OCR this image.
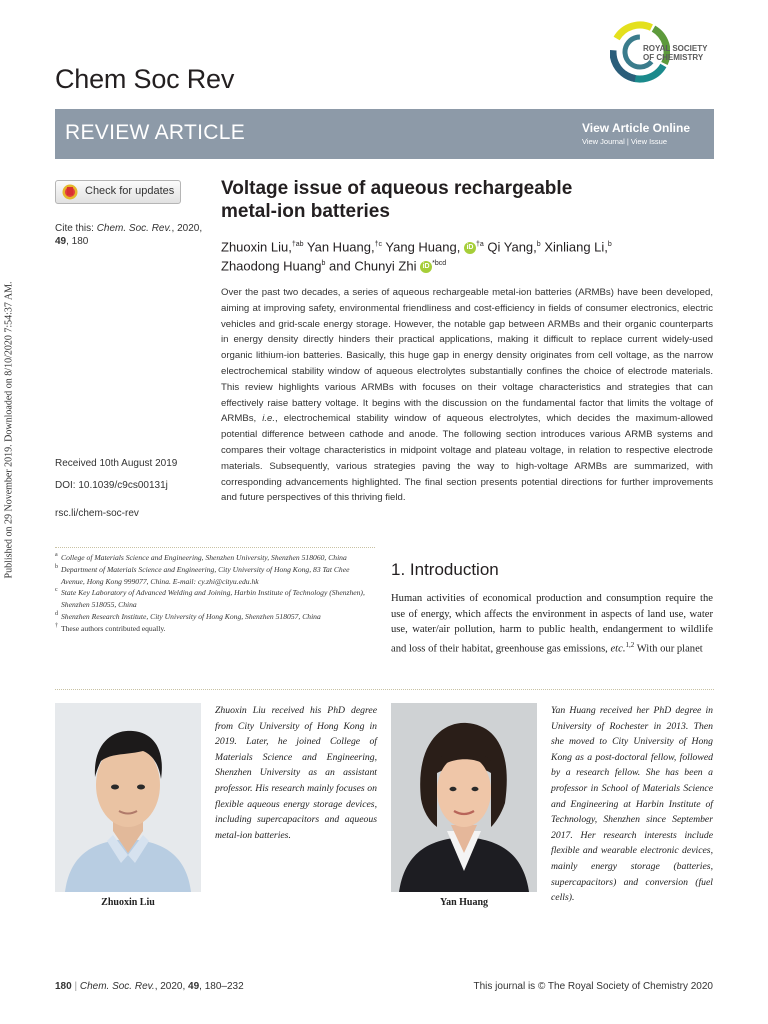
Published on 29 November 2019. Downloaded on 8/10/2020 7:54:37 AM.
Chem Soc Rev
ROYAL SOCIETY
OF CHEMISTRY
REVIEW ARTICLE	View Article Online
View Journal | View Issue
Check for updates
Cite this: Chem. Soc. Rev., 2020,
49, 180
Received 10th August 2019
DOI: 10.1039/c9cs00131j
rsc.li/chem-soc-rev
Voltage issue of aqueous rechargeable
metal-ion batteries
Zhuoxin Liu,$^{\dagger ab}$ Yan Huang,$^{\dagger c}$ Yang Huang, iD $^{\dagger a}$ Qi Yang,$^b$ Xinliang Li,$^b$
Zhaodong Huang$^b$ and Chunyi Zhi iD $^{*bcd}$
Over the past two decades, a series of aqueous rechargeable metal-ion batteries (ARMBs) have been developed, aiming at improving safety, environmental friendliness and cost-efficiency in fields of consumer electronics, electric vehicles and grid-scale energy storage. However, the notable gap between ARMBs and their organic counterparts in energy density directly hinders their practical applications, making it difficult to replace current widely-used organic lithium-ion batteries. Basically, this huge gap in energy density originates from cell voltage, as the narrow electrochemical stability window of aqueous electrolytes substantially confines the choice of electrode materials. This review highlights various ARMBs with focuses on their voltage characteristics and strategies that can effectively raise battery voltage. It begins with the discussion on the fundamental factor that limits the voltage of ARMBs, i.e., electrochemical stability window of aqueous electrolytes, which decides the maximum-allowed potential difference between cathode and anode. The following section introduces various ARMB systems and compares their voltage characteristics in midpoint voltage and plateau voltage, in relation to respective electrode materials. Subsequently, various strategies paving the way to high-voltage ARMBs are summarized, with corresponding advancements highlighted. The final section presents potential directions for further improvements and future perspectives of this thriving field.
a College of Materials Science and Engineering, Shenzhen University, Shenzhen 518060, China
b Department of Materials Science and Engineering, City University of Hong Kong, 83 Tat Chee Avenue, Hong Kong 999077, China. E-mail: cy.zhi@cityu.edu.hk
c State Key Laboratory of Advanced Welding and Joining, Harbin Institute of Technology (Shenzhen), Shenzhen 518055, China
d Shenzhen Research Institute, City University of Hong Kong, Shenzhen 518057, China
† These authors contributed equally.
1. Introduction
Human activities of economical production and consumption require the use of energy, which affects the environment in aspects of land use, water use, water/air pollution, harm to public health, endangerment to wildlife and loss of their habitat, greenhouse gas emissions, etc.$^{1,2}$ With our planet
Zhuoxin Liu
Zhuoxin Liu received his PhD degree from City University of Hong Kong in 2019. Later, he joined College of Materials Science and Engineering, Shenzhen University as an assistant professor. His research mainly focuses on flexible aqueous energy storage devices, including supercapacitors and aqueous metal-ion batteries.
Yan Huang
Yan Huang received her PhD degree in University of Rochester in 2013. Then she moved to City University of Hong Kong as a post-doctoral fellow, followed by a research fellow. She has been a professor in School of Materials Science and Engineering at Harbin Institute of Technology, Shenzhen since September 2017. Her research interests include flexible and wearable electronic devices, mainly energy storage (batteries, supercapacitors) and conversion (fuel cells).
180 | Chem. Soc. Rev., 2020, 49, 180–232	This journal is © The Royal Society of Chemistry 2020
